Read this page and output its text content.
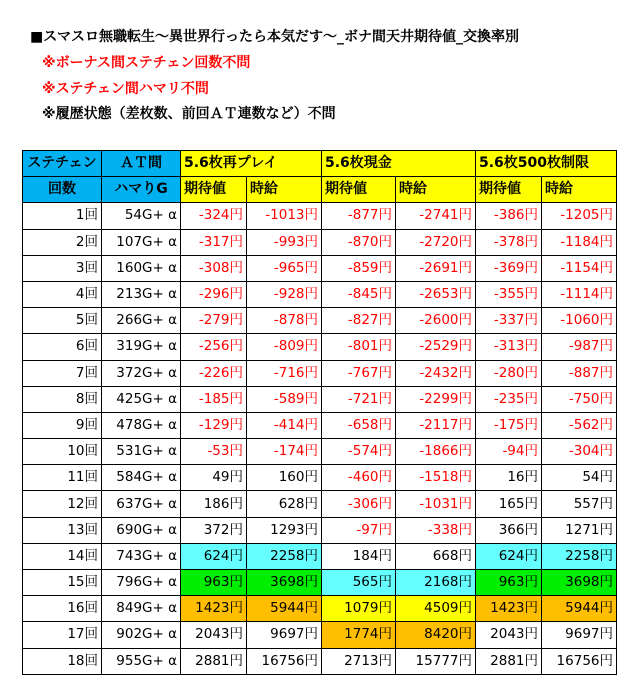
■スマスロ無職転生～異世界行ったら本気だす～_ボナ間天井期待値_交換率別
※ボーナス間ステチェン回数不問
※ステチェン間ハマリ不問
※履歴状態（差枚数、前回ＡＴ連数など）不問
ステチェン	ＡＴ間	5.6枚再プレイ		5.6枚現金		5.6枚500枚制限	
回数	ハマりG	期待値	時給	期待値	時給	期待値	時給
1回	54G+ α	-324円	-1013円	-877円	-2741円	-386円	-1205円
2回	107G+ α	-317円	-993円	-870円	-2720円	-378円	-1184円
3回	160G+ α	-308円	-965円	-859円	-2691円	-369円	-1154円
4回	213G+ α	-296円	-928円	-845円	-2653円	-355円	-1114円
5回	266G+ α	-279円	-878円	-827円	-2600円	-337円	-1060円
6回	319G+ α	-256円	-809円	-801円	-2529円	-313円	-987円
7回	372G+ α	-226円	-716円	-767円	-2432円	-280円	-887円
8回	425G+ α	-185円	-589円	-721円	-2299円	-235円	-750円
9回	478G+ α	-129円	-414円	-658円	-2117円	-175円	-562円
10回	531G+ α	-53円	-174円	-574円	-1866円	-94円	-304円
11回	584G+ α	49円	160円	-460円	-1518円	16円	54円
12回	637G+ α	186円	628円	-306円	-1031円	165円	557円
13回	690G+ α	372円	1293円	-97円	-338円	366円	1271円
14回	743G+ α	624円	2258円	184円	668円	624円	2258円
15回	796G+ α	963円	3698円	565円	2168円	963円	3698円
16回	849G+ α	1423円	5944円	1079円	4509円	1423円	5944円
17回	902G+ α	2043円	9697円	1774円	8420円	2043円	9697円
18回	955G+ α	2881円	16756円	2713円	15777円	2881円	16756円
